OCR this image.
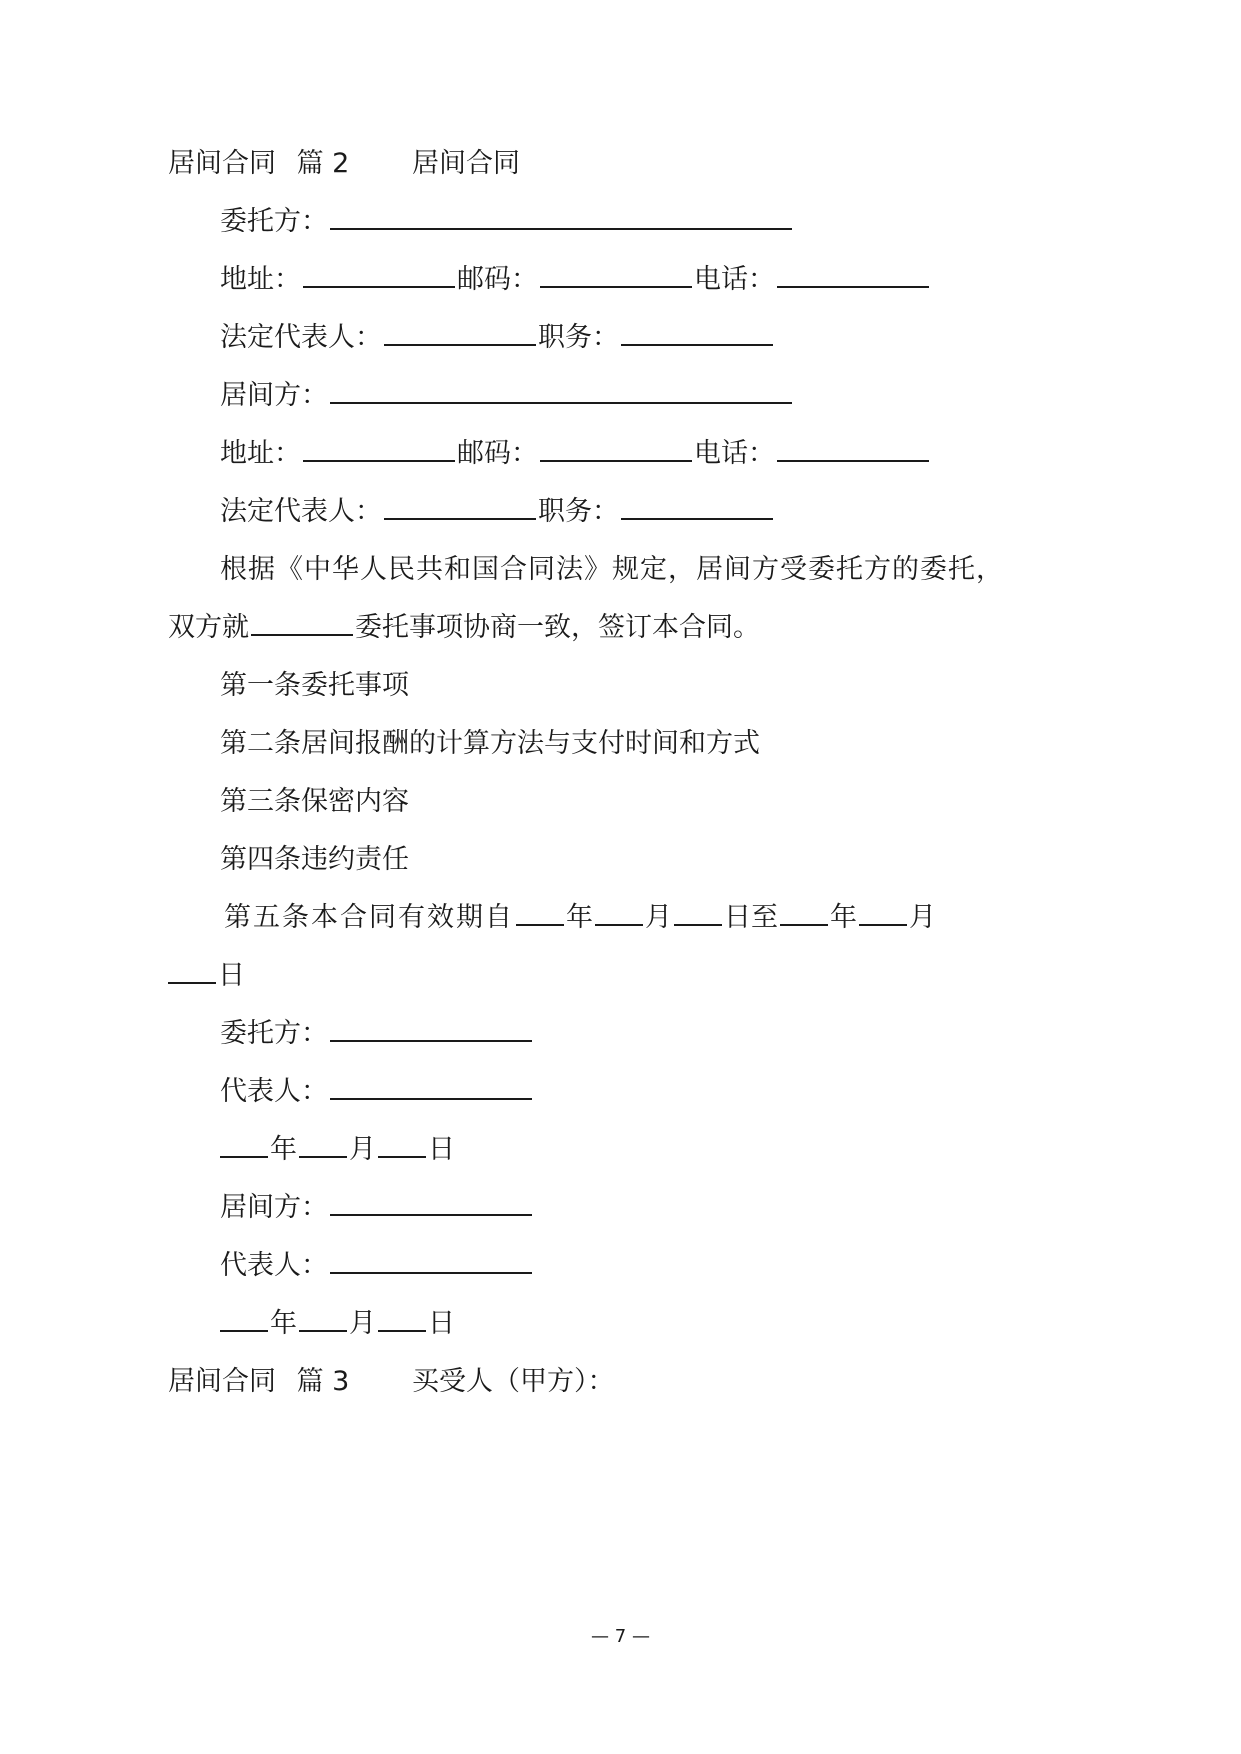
居间合同 篇 2 居间合同
委托方：
地址：	邮码：	电话：
法定代表人：	职务：
居间方：
地址：	邮码：	电话：
法定代表人：	职务：
根据《中华人民共和国合同法》规定，居间方受委托方的委托，
双方就	委托事项协商一致，签订本合同。
第一条委托事项
第二条居间报酬的计算方法与支付时间和方式
第三条保密内容
第四条违约责任
第五条本合同有效期自 年 月 日至 年 月
日
委托方：
代表人：
年 月 日
居间方：
代表人：
年 月 日
居间合同 篇 3 买受人（甲方）：
— 7 —
